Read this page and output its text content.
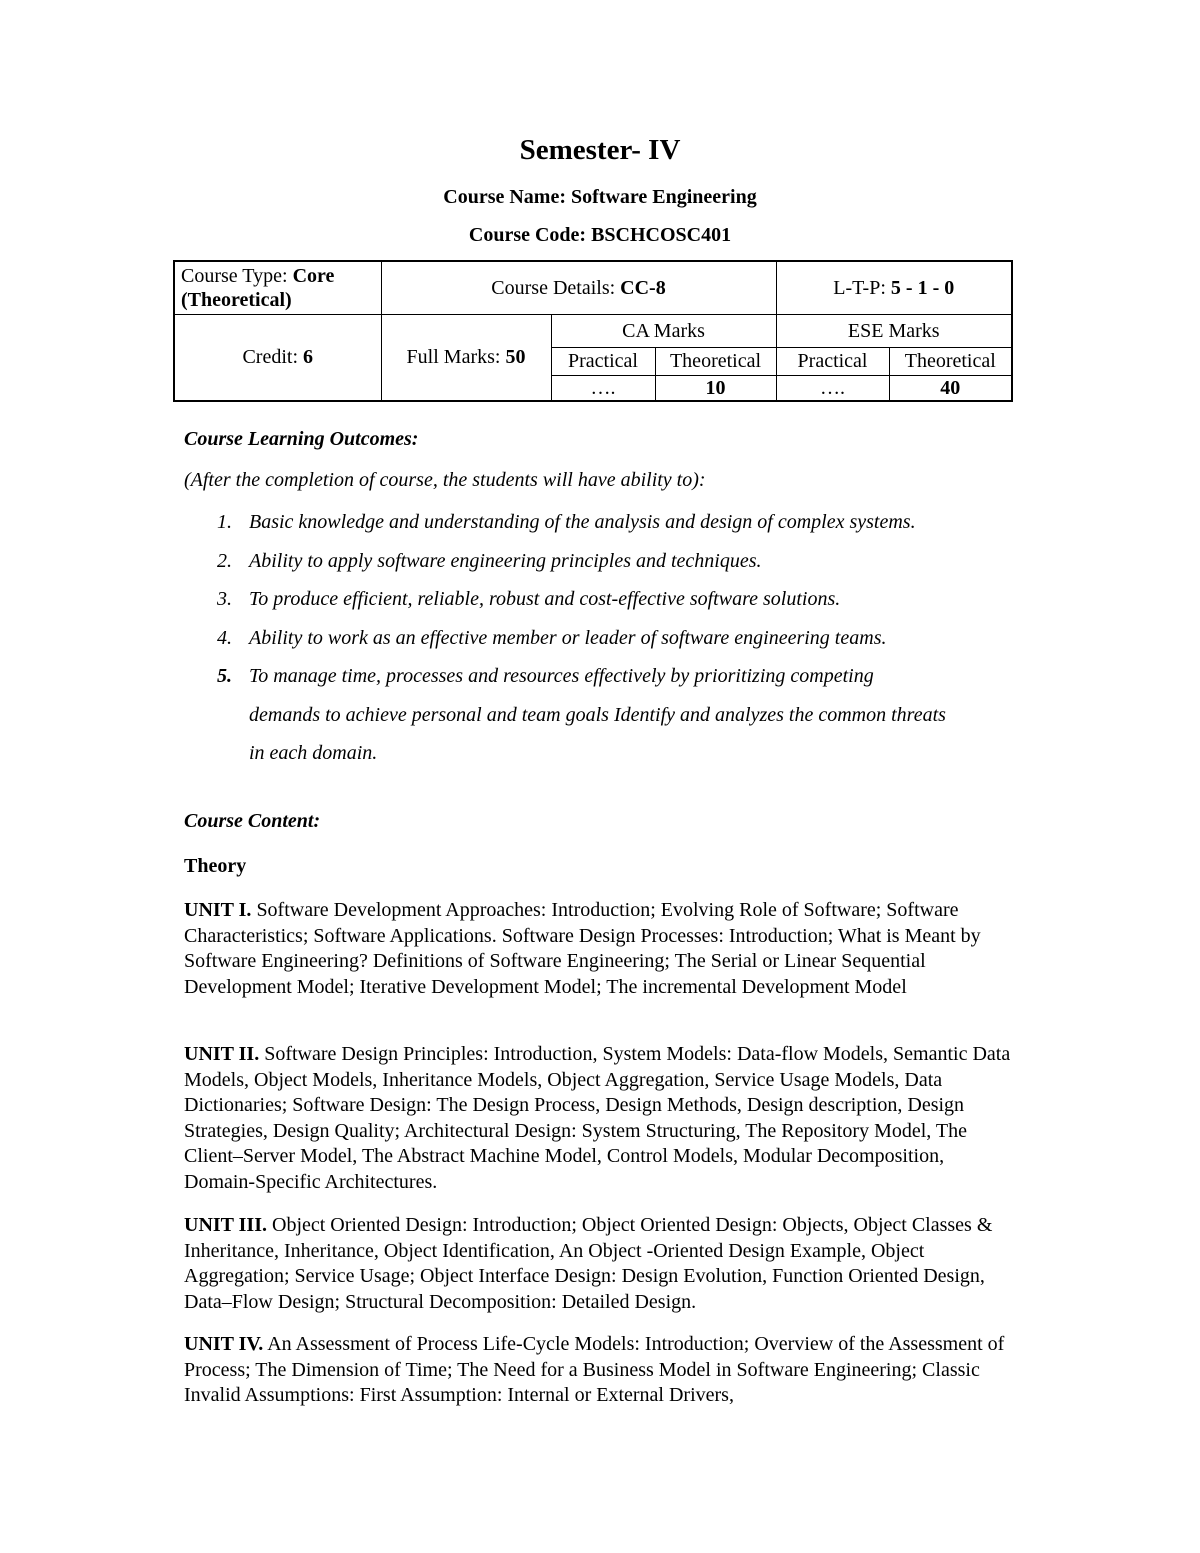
Semester- IV
Course Name: Software Engineering
Course Code: BSCHCOSC401
Course Type: Core (Theoretical)	Course Details: CC-8			L-T-P: 5 - 1 - 0	
Credit: 6	Full Marks: 50	CA Marks		ESE Marks	
		Practical	Theoretical	Practical	Theoretical
		….	10	….	40
Course Learning Outcomes:
(After the completion of course, the students will have ability to):
1. Basic knowledge and understanding of the analysis and design of complex systems.
2. Ability to apply software engineering principles and techniques.
3. To produce efficient, reliable, robust and cost-effective software solutions.
4. Ability to work as an effective member or leader of software engineering teams.
5. To manage time, processes and resources effectively by prioritizing competing demands to achieve personal and team goals Identify and analyzes the common threats in each domain.
Course Content:
Theory
UNIT I. Software Development Approaches: Introduction; Evolving Role of Software; Software Characteristics; Software Applications. Software Design Processes: Introduction; What is Meant by Software Engineering? Definitions of Software Engineering; The Serial or Linear Sequential Development Model; Iterative Development Model; The incremental Development Model
UNIT II. Software Design Principles: Introduction, System Models: Data-flow Models, Semantic Data Models, Object Models, Inheritance Models, Object Aggregation, Service Usage Models, Data Dictionaries; Software Design: The Design Process, Design Methods, Design description, Design Strategies, Design Quality; Architectural Design: System Structuring, The Repository Model, The Client–Server Model, The Abstract Machine Model, Control Models, Modular Decomposition, Domain-Specific Architectures.
UNIT III. Object Oriented Design: Introduction; Object Oriented Design: Objects, Object Classes & Inheritance, Inheritance, Object Identification, An Object -Oriented Design Example, Object Aggregation; Service Usage; Object Interface Design: Design Evolution, Function Oriented Design, Data–Flow Design; Structural Decomposition: Detailed Design.
UNIT IV. An Assessment of Process Life-Cycle Models: Introduction; Overview of the Assessment of Process; The Dimension of Time; The Need for a Business Model in Software Engineering; Classic Invalid Assumptions: First Assumption: Internal or External Drivers,
